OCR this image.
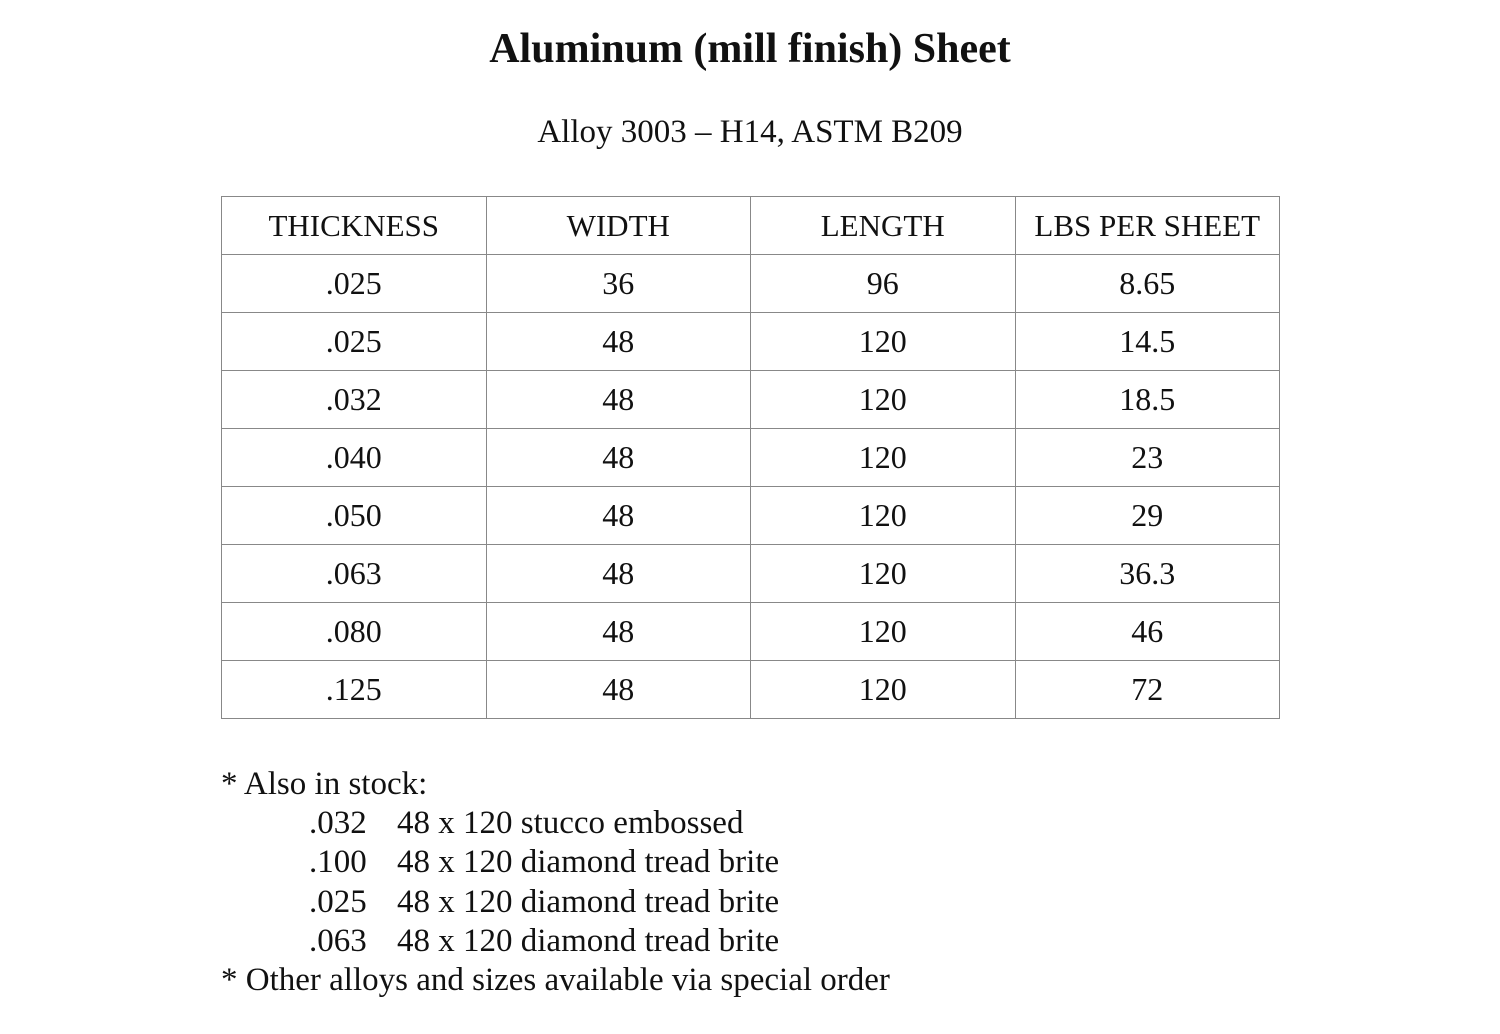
Aluminum (mill finish) Sheet
Alloy 3003 – H14, ASTM B209
THICKNESS	WIDTH	LENGTH	LBS PER SHEET
.025	36	96	8.65
.025	48	120	14.5
.032	48	120	18.5
.040	48	120	23
.050	48	120	29
.063	48	120	36.3
.080	48	120	46
.125	48	120	72
* Also in stock:
.032 48 x 120 stucco embossed
.100 48 x 120 diamond tread brite
.025 48 x 120 diamond tread brite
.063 48 x 120 diamond tread brite
* Other alloys and sizes available via special order
